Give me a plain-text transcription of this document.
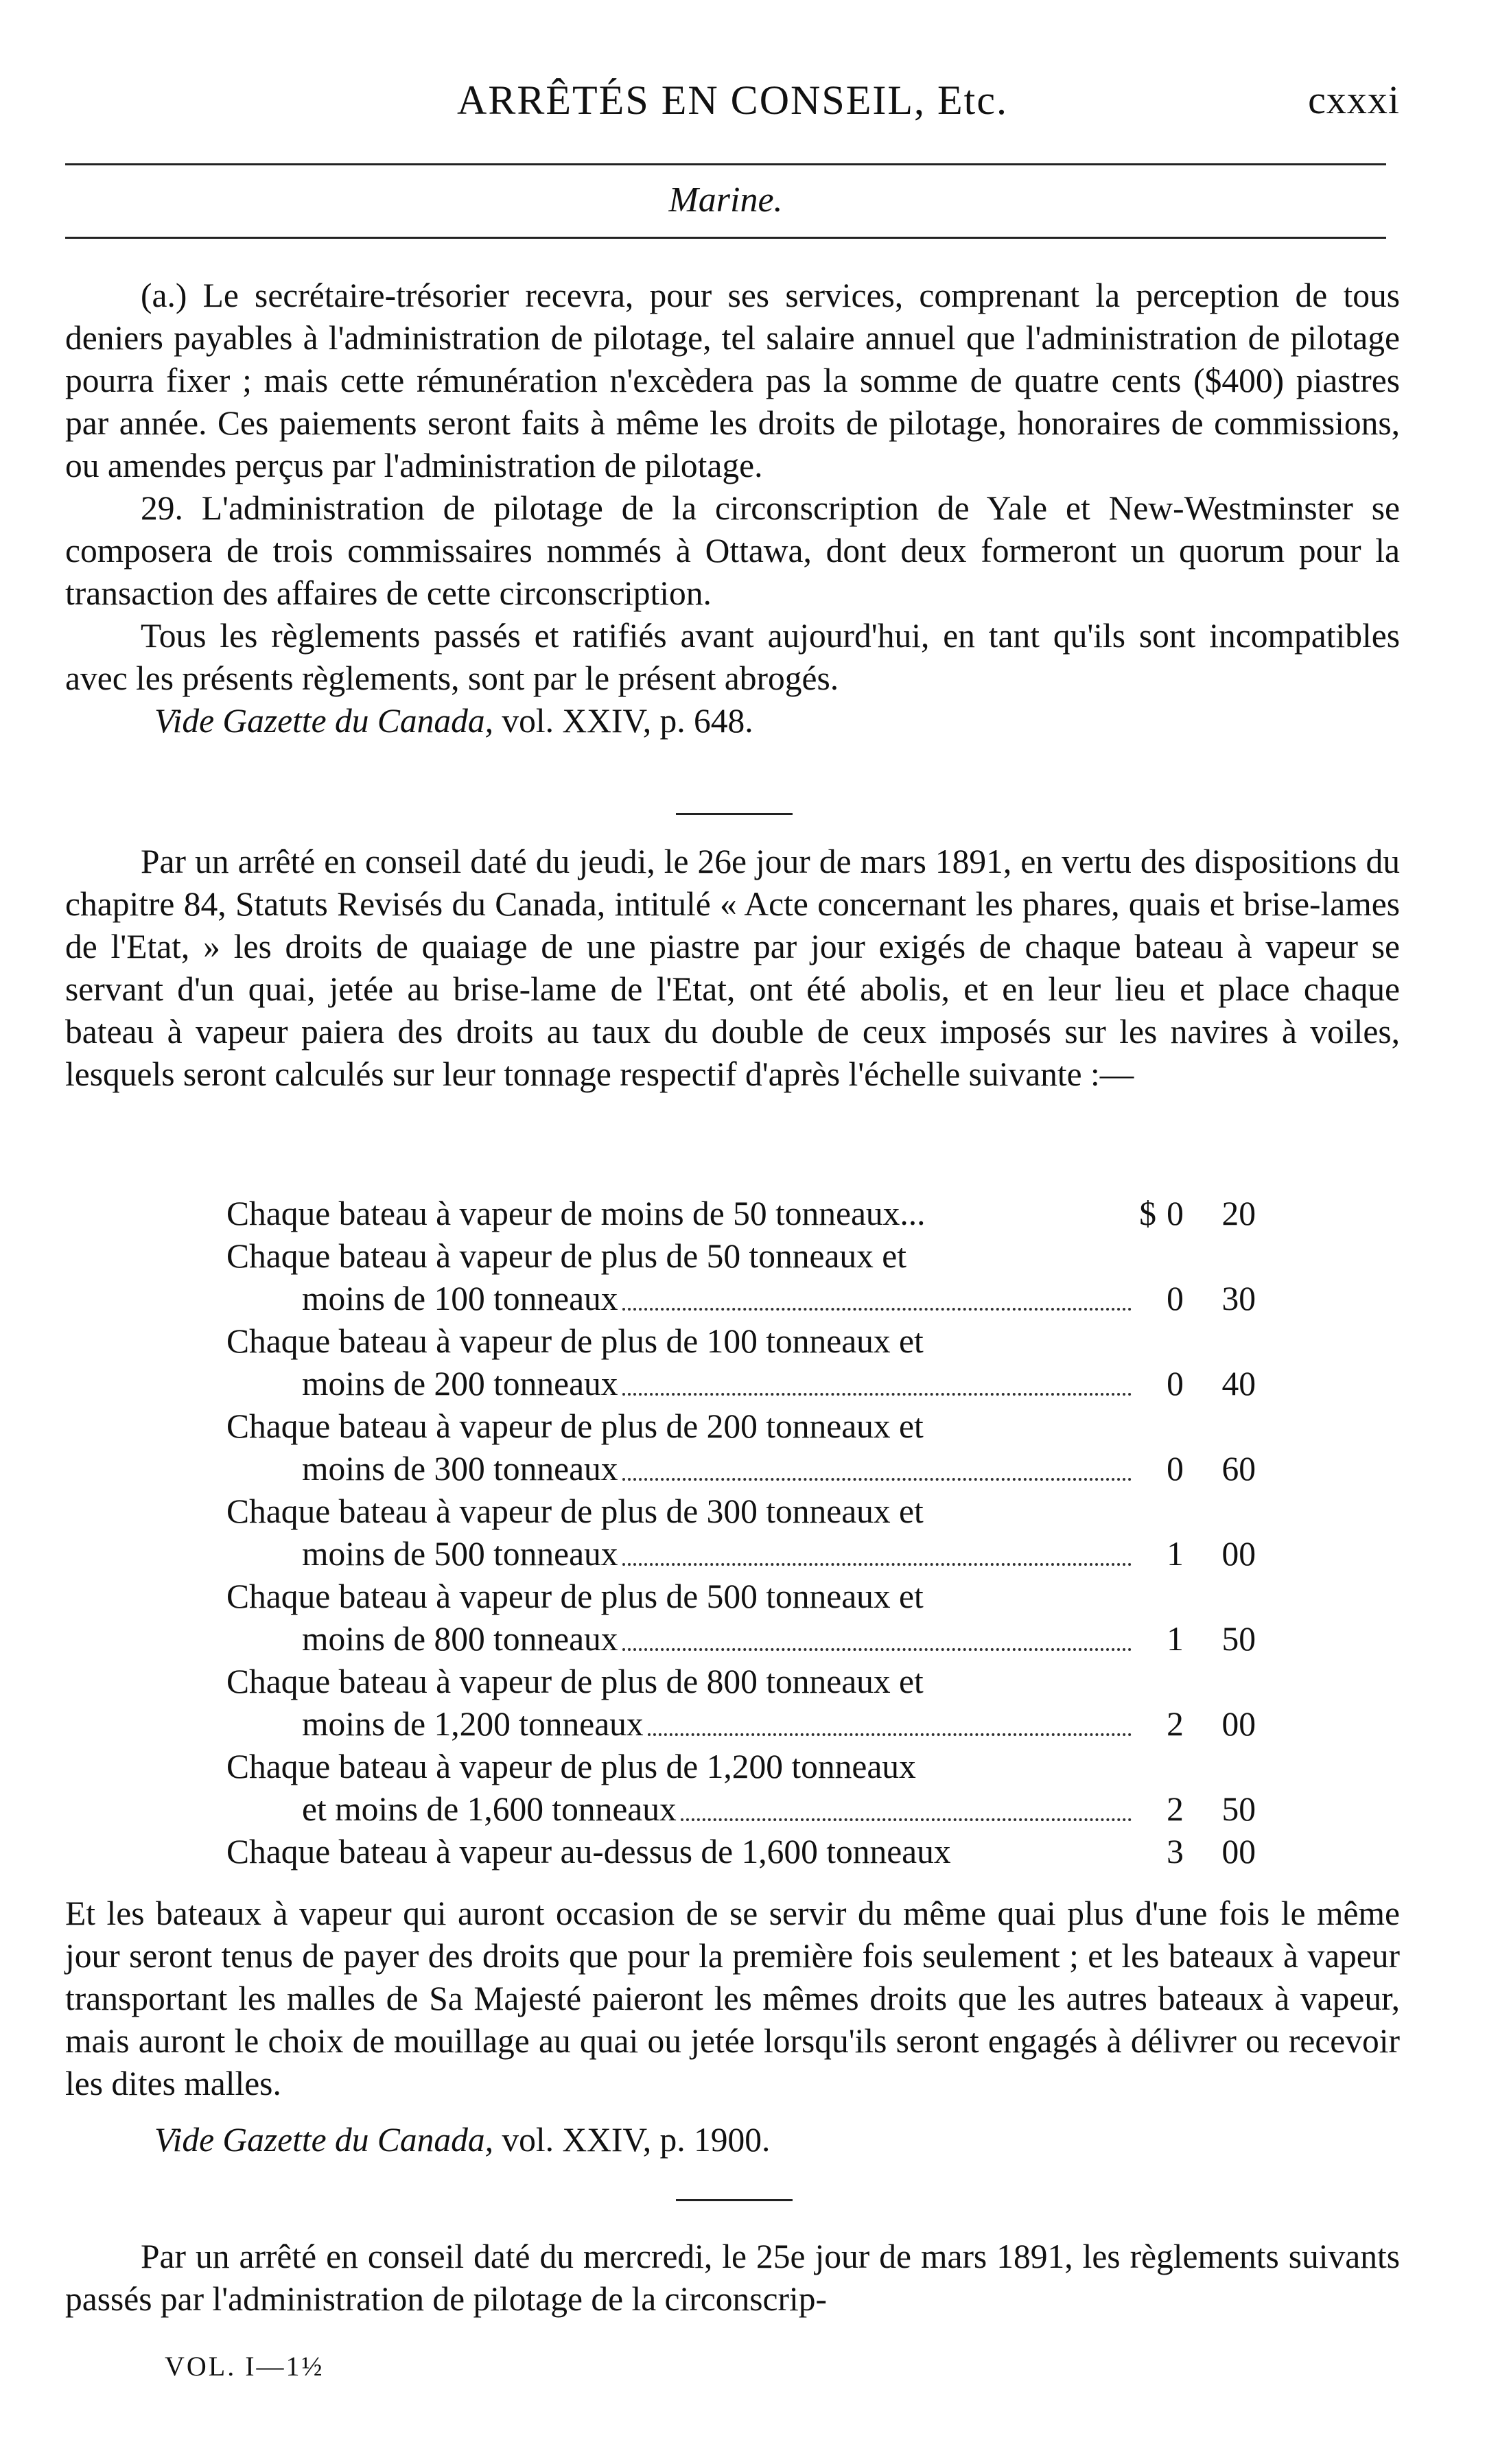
ARRÊTÉS EN CONSEIL, Etc.	cxxxi
Marine.

(a.) Le secrétaire-trésorier recevra, pour ses services, comprenant la perception de tous deniers payables à l'administration de pilotage, tel salaire annuel que l'administration de pilotage pourra fixer ; mais cette rémunération n'excèdera pas la somme de quatre cents ($400) piastres par année. Ces paiements seront faits à même les droits de pilotage, honoraires de commissions, ou amendes perçus par l'administration de pilotage.

29. L'administration de pilotage de la circonscription de Yale et New-Westminster se composera de trois commissaires nommés à Ottawa, dont deux formeront un quorum pour la transaction des affaires de cette circonscription.

Tous les règlements passés et ratifiés avant aujourd'hui, en tant qu'ils sont incompatibles avec les présents règlements, sont par le présent abrogés.

Vide Gazette du Canada, vol. XXIV, p. 648.

Par un arrêté en conseil daté du jeudi, le 26e jour de mars 1891, en vertu des dispositions du chapitre 84, Statuts Revisés du Canada, intitulé « Acte concernant les phares, quais et brise-lames de l'Etat, » les droits de quaiage de une piastre par jour exigés de chaque bateau à vapeur se servant d'un quai, jetée au brise-lame de l'Etat, ont été abolis, et en leur lieu et place chaque bateau à vapeur paiera des droits au taux du double de ceux imposés sur les navires à voiles, lesquels seront calculés sur leur tonnage respectif d'après l'échelle suivante :—

Chaque bateau à vapeur de moins de 50 tonneaux...	$ 0	20
Chaque bateau à vapeur de plus de 50 tonneaux et
moins de 100 tonneaux	0	30
Chaque bateau à vapeur de plus de 100 tonneaux et
moins de 200 tonneaux	0	40
Chaque bateau à vapeur de plus de 200 tonneaux et
moins de 300 tonneaux	0	60
Chaque bateau à vapeur de plus de 300 tonneaux et
moins de 500 tonneaux	1	00
Chaque bateau à vapeur de plus de 500 tonneaux et
moins de 800 tonneaux	1	50
Chaque bateau à vapeur de plus de 800 tonneaux et
moins de 1,200 tonneaux	2	00
Chaque bateau à vapeur de plus de 1,200 tonneaux
et moins de 1,600 tonneaux	2	50
Chaque bateau à vapeur au-dessus de 1,600 tonneaux	3	00

Et les bateaux à vapeur qui auront occasion de se servir du même quai plus d'une fois le même jour seront tenus de payer des droits que pour la première fois seulement ; et les bateaux à vapeur transportant les malles de Sa Majesté paieront les mêmes droits que les autres bateaux à vapeur, mais auront le choix de mouillage au quai ou jetée lorsqu'ils seront engagés à délivrer ou recevoir les dites malles.

Vide Gazette du Canada, vol. XXIV, p. 1900.

Par un arrêté en conseil daté du mercredi, le 25e jour de mars 1891, les règlements suivants passés par l'administration de pilotage de la circonscrip-

VOL. I—1½
